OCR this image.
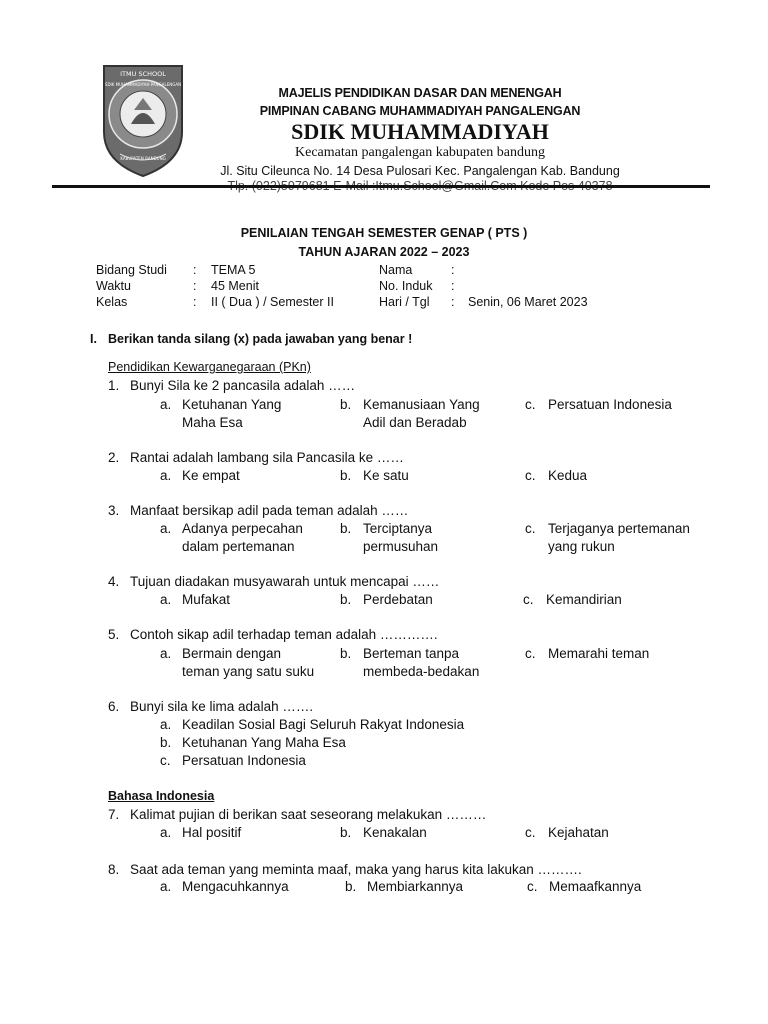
ITMU SCHOOL
SDIK MUHAMMADIYAH PANGALENGAN
KABUPATEN BANDUNG
MAJELIS PENDIDIKAN DASAR DAN MENENGAH
PIMPINAN CABANG MUHAMMADIYAH PANGALENGAN
SDIK MUHAMMADIYAH
Kecamatan pangalengan kabupaten bandung
Jl. Situ Cileunca No. 14 Desa Pulosari Kec. Pangalengan Kab. Bandung
PENILAIAN TENGAH SEMESTER GENAP ( PTS )
TAHUN AJARAN 2022 – 2023
Bidang Studi : TEMA 5
Waktu	: 45 Menit
Kelas	: II ( Dua ) / Semester II
Nama	:
No. Induk :
Hari / Tgl : Senin, 06 Maret 2023
I. Berikan tanda silang (x) pada jawaban yang benar !
Pendidikan Kewarganegaraan (PKn)
1. Bunyi Sila ke 2 pancasila adalah ……
a. Ketuhanan Yang
Maha Esa
b. Kemanusiaan Yang
Adil dan Beradab
c. Persatuan Indonesia
2. Rantai adalah lambang sila Pancasila ke ……
a. Ke empat	b. Ke satu	c. Kedua
3. Manfaat bersikap adil pada teman adalah ……
a. Adanya perpecahan
dalam pertemanan
b. Terciptanya
permusuhan
c. Terjaganya pertemanan
yang rukun
4. Tujuan diadakan musyawarah untuk mencapai ……
a. Mufakat	b. Perdebatan	c. Kemandirian
5. Contoh sikap adil terhadap teman adalah ………….
a. Bermain dengan
teman yang satu suku
b. Berteman tanpa
membeda-bedakan
c. Memarahi teman
6. Bunyi sila ke lima adalah …….
a. Keadilan Sosial Bagi Seluruh Rakyat Indonesia
b. Ketuhanan Yang Maha Esa
c. Persatuan Indonesia
Bahasa Indonesia
7. Kalimat pujian di berikan saat seseorang melakukan ………
a. Hal positif	b. Kenakalan	c. Kejahatan
8. Saat ada teman yang meminta maaf, maka yang harus kita lakukan ……….
a. Mengacuhkannya	b. Membiarkannya	c. Memaafkannya
